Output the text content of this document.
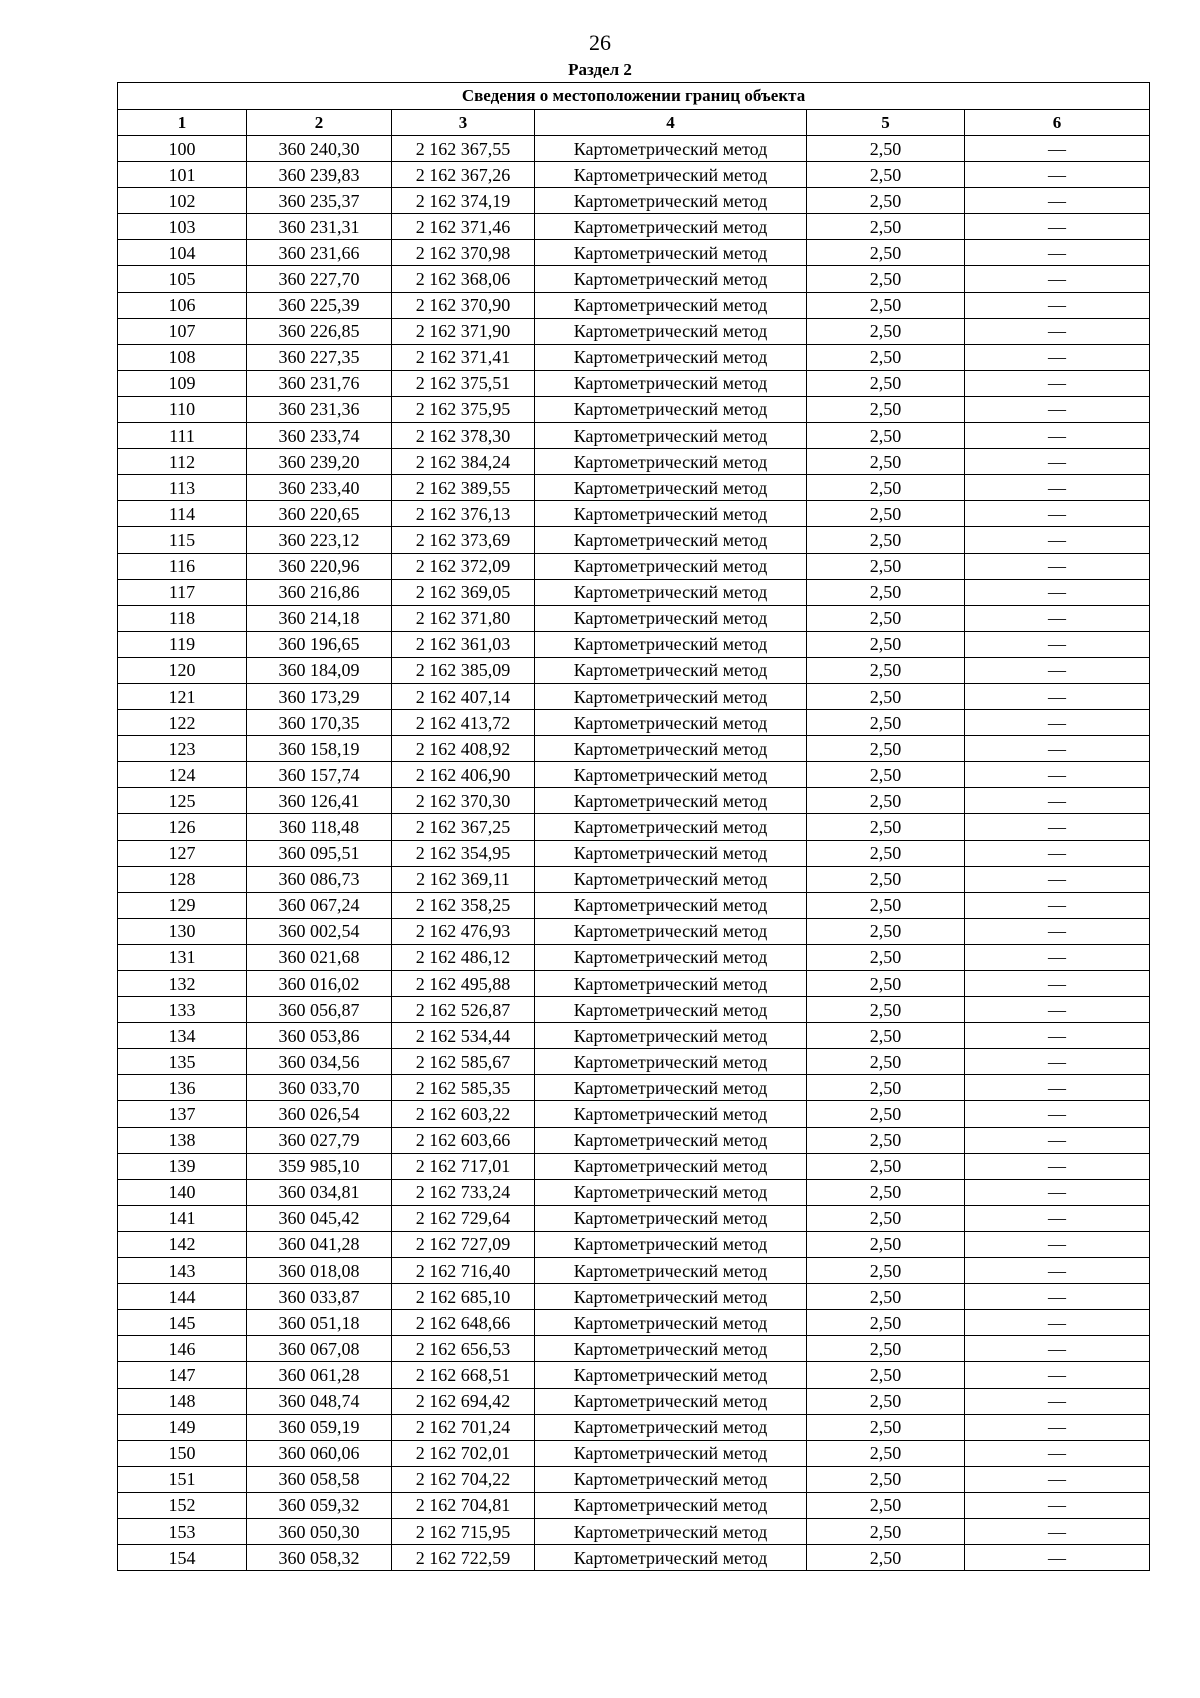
26
Раздел 2
Сведения о местоположении границ объекта					
1	2	3	4	5	6
100	360 240,30	2 162 367,55	Картометрический метод	2,50	—
101	360 239,83	2 162 367,26	Картометрический метод	2,50	—
102	360 235,37	2 162 374,19	Картометрический метод	2,50	—
103	360 231,31	2 162 371,46	Картометрический метод	2,50	—
104	360 231,66	2 162 370,98	Картометрический метод	2,50	—
105	360 227,70	2 162 368,06	Картометрический метод	2,50	—
106	360 225,39	2 162 370,90	Картометрический метод	2,50	—
107	360 226,85	2 162 371,90	Картометрический метод	2,50	—
108	360 227,35	2 162 371,41	Картометрический метод	2,50	—
109	360 231,76	2 162 375,51	Картометрический метод	2,50	—
110	360 231,36	2 162 375,95	Картометрический метод	2,50	—
111	360 233,74	2 162 378,30	Картометрический метод	2,50	—
112	360 239,20	2 162 384,24	Картометрический метод	2,50	—
113	360 233,40	2 162 389,55	Картометрический метод	2,50	—
114	360 220,65	2 162 376,13	Картометрический метод	2,50	—
115	360 223,12	2 162 373,69	Картометрический метод	2,50	—
116	360 220,96	2 162 372,09	Картометрический метод	2,50	—
117	360 216,86	2 162 369,05	Картометрический метод	2,50	—
118	360 214,18	2 162 371,80	Картометрический метод	2,50	—
119	360 196,65	2 162 361,03	Картометрический метод	2,50	—
120	360 184,09	2 162 385,09	Картометрический метод	2,50	—
121	360 173,29	2 162 407,14	Картометрический метод	2,50	—
122	360 170,35	2 162 413,72	Картометрический метод	2,50	—
123	360 158,19	2 162 408,92	Картометрический метод	2,50	—
124	360 157,74	2 162 406,90	Картометрический метод	2,50	—
125	360 126,41	2 162 370,30	Картометрический метод	2,50	—
126	360 118,48	2 162 367,25	Картометрический метод	2,50	—
127	360 095,51	2 162 354,95	Картометрический метод	2,50	—
128	360 086,73	2 162 369,11	Картометрический метод	2,50	—
129	360 067,24	2 162 358,25	Картометрический метод	2,50	—
130	360 002,54	2 162 476,93	Картометрический метод	2,50	—
131	360 021,68	2 162 486,12	Картометрический метод	2,50	—
132	360 016,02	2 162 495,88	Картометрический метод	2,50	—
133	360 056,87	2 162 526,87	Картометрический метод	2,50	—
134	360 053,86	2 162 534,44	Картометрический метод	2,50	—
135	360 034,56	2 162 585,67	Картометрический метод	2,50	—
136	360 033,70	2 162 585,35	Картометрический метод	2,50	—
137	360 026,54	2 162 603,22	Картометрический метод	2,50	—
138	360 027,79	2 162 603,66	Картометрический метод	2,50	—
139	359 985,10	2 162 717,01	Картометрический метод	2,50	—
140	360 034,81	2 162 733,24	Картометрический метод	2,50	—
141	360 045,42	2 162 729,64	Картометрический метод	2,50	—
142	360 041,28	2 162 727,09	Картометрический метод	2,50	—
143	360 018,08	2 162 716,40	Картометрический метод	2,50	—
144	360 033,87	2 162 685,10	Картометрический метод	2,50	—
145	360 051,18	2 162 648,66	Картометрический метод	2,50	—
146	360 067,08	2 162 656,53	Картометрический метод	2,50	—
147	360 061,28	2 162 668,51	Картометрический метод	2,50	—
148	360 048,74	2 162 694,42	Картометрический метод	2,50	—
149	360 059,19	2 162 701,24	Картометрический метод	2,50	—
150	360 060,06	2 162 702,01	Картометрический метод	2,50	—
151	360 058,58	2 162 704,22	Картометрический метод	2,50	—
152	360 059,32	2 162 704,81	Картометрический метод	2,50	—
153	360 050,30	2 162 715,95	Картометрический метод	2,50	—
154	360 058,32	2 162 722,59	Картометрический метод	2,50	—
